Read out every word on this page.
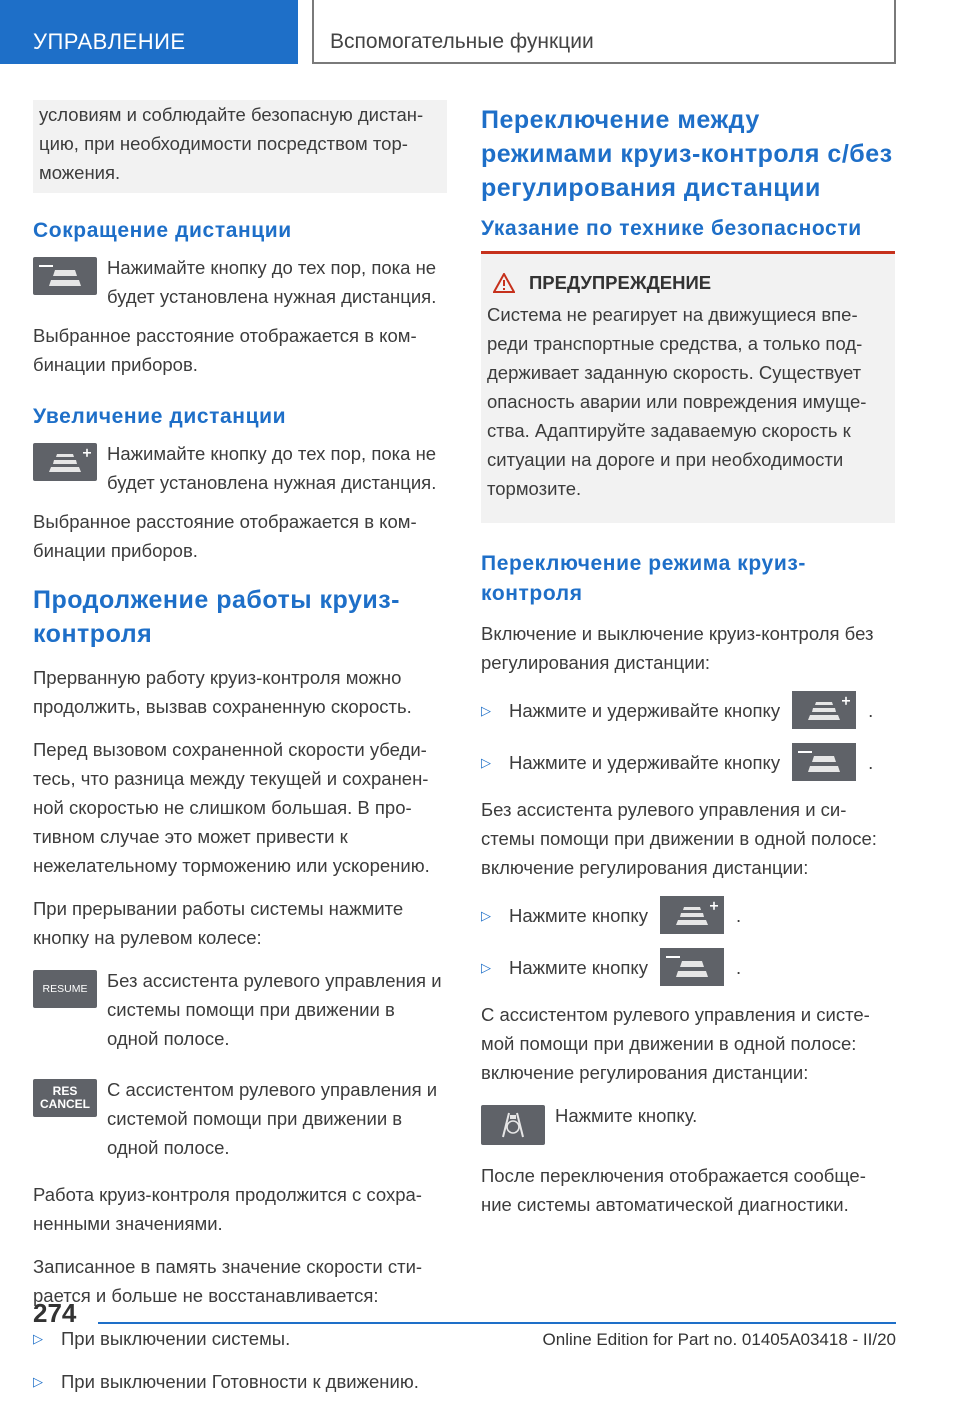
УПРАВЛЕНИЕ	Вспомогательные функции

условиям и соблюдайте безопасную дистан-цию, при необходимости посредством тор-можения.

Сокращение дистанции

Нажимайте кнопку до тех пор, пока не будет установлена нужная дистанция.

Выбранное расстояние отображается в ком-бинации приборов.

Увеличение дистанции

Нажимайте кнопку до тех пор, пока не будет установлена нужная дистанция.

Выбранное расстояние отображается в ком-бинации приборов.

Продолжение работы круиз-контроля

Прерванную работу круиз-контроля можно продолжить, вызвав сохраненную скорость.

Перед вызовом сохраненной скорости убеди-тесь, что разница между текущей и сохранен-ной скоростью не слишком большая. В про-тивном случае это может привести к нежелательному торможению или ускорению.

При прерывании работы системы нажмите кнопку на рулевом колесе:

RESUME Без ассистента рулевого управления и системы помощи при движении в одной полосе.

RES
CANCEL

С ассистентом рулевого управления и системой помощи при движении в одной полосе.

Работа круиз-контроля продолжится с сохра-ненными значениями.

Записанное в память значение скорости сти-рается и больше не восстанавливается:

▷ При выключении системы.
▷ При выключении Готовности к движению.
Переключение между режимами круиз-контроля с/без регулирования дистанции
Указание по технике безопасности
ПРЕДУПРЕЖДЕНИЕ

Система не реагирует на движущиеся впе-реди транспортные средства, а только под-держивает заданную скорость. Существует опасность аварии или повреждения имуще-ства. Адаптируйте задаваемую скорость к ситуации на дороге и при необходимости тормозите.

Переключение режима круиз-контроля

Включение и выключение круиз-контроля без регулирования дистанции:

▷ Нажмите и удерживайте кнопку	.
▷ Нажмите и удерживайте кнопку	.

Без ассистента рулевого управления и си-стемы помощи при движении в одной полосе: включение регулирования дистанции:

▷ Нажмите кнопку	.
▷ Нажмите кнопку	.

С ассистентом рулевого управления и систе-мой помощи при движении в одной полосе: включение регулирования дистанции:

Нажмите кнопку.

После переключения отображается сообще-ние системы автоматической диагностики.

274
Online Edition for Part no. 01405A03418 - II/20
